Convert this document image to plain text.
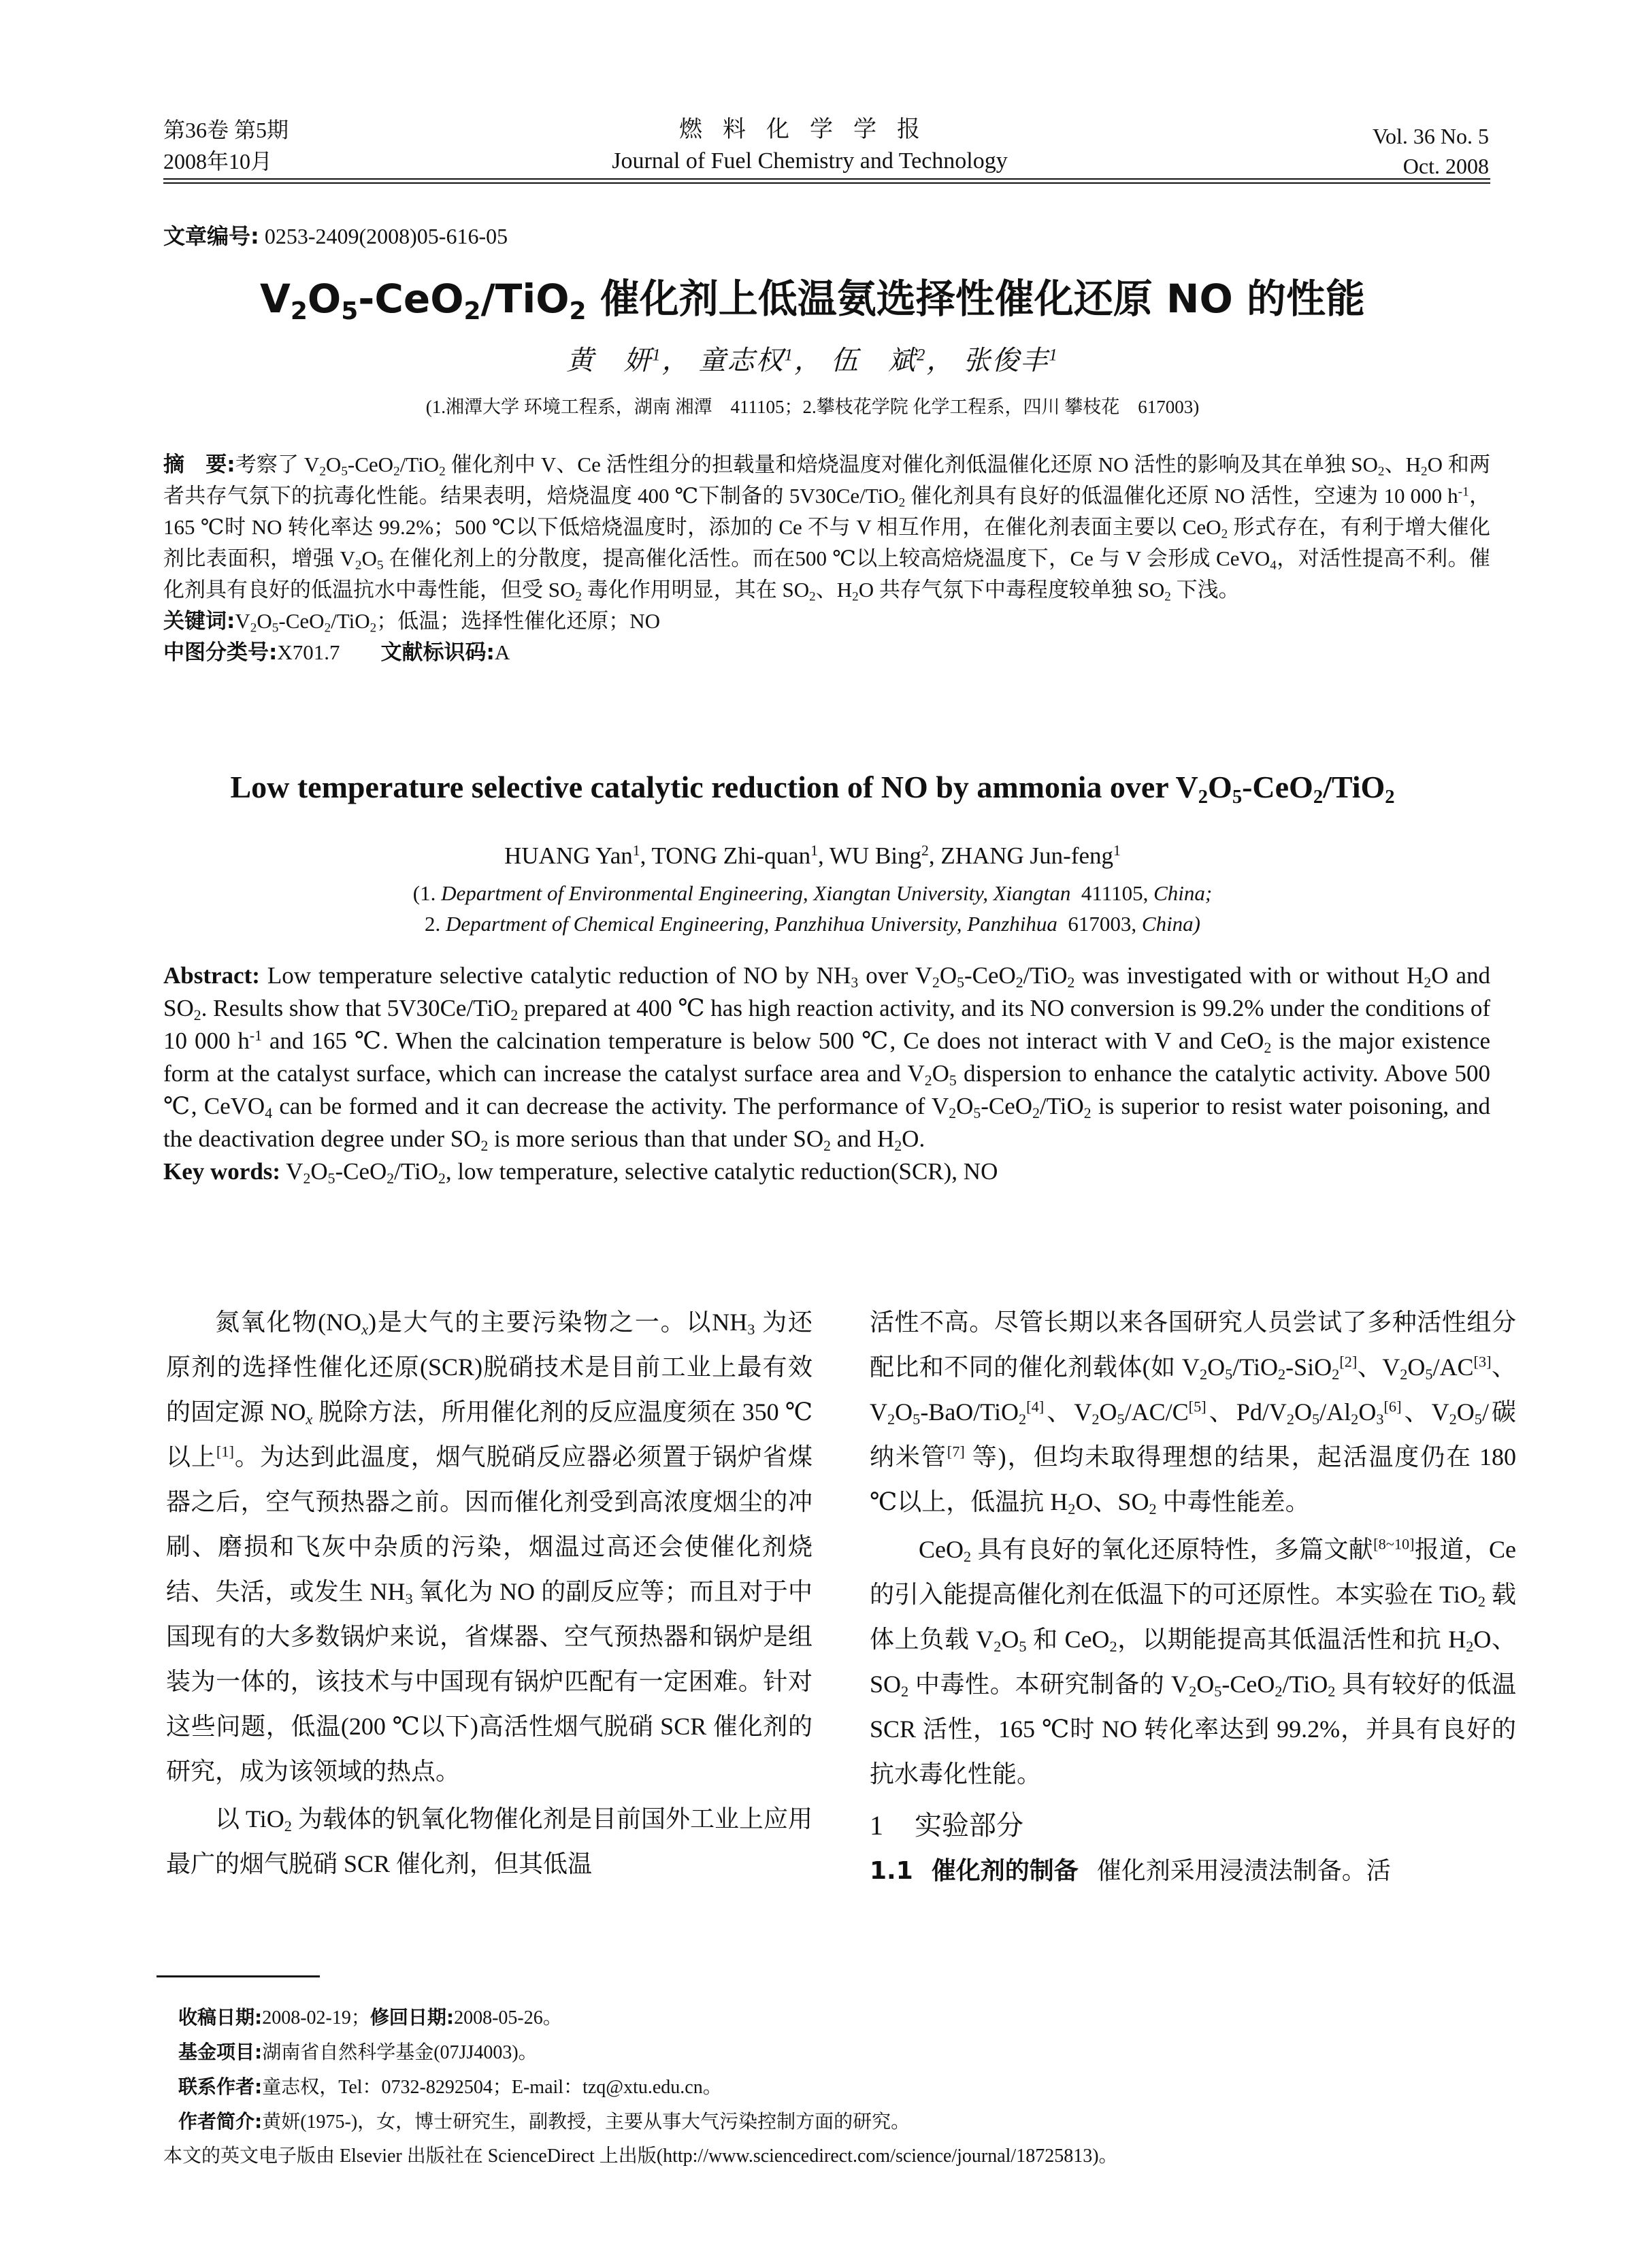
第36卷 第5期
2008年10月
燃料化学学报
Journal of Fuel Chemistry and Technology
Vol. 36 No. 5
Oct. 2008
文章编号: 0253-2409(2008)05-616-05
$V_2O_5-CeO_2/TiO_2$ 催化剂上低温氨选择性催化还原 NO 的性能
黄　妍$^1$， 童志权$^1$， 伍　斌$^2$， 张俊丰$^1$
(1.湘潭大学 环境工程系，湖南 湘潭　411105；2.攀枝花学院 化学工程系，四川 攀枝花　617003)

摘　要:考察了 $V_2O_5-CeO_2/TiO_2$ 催化剂中 V、Ce 活性组分的担载量和焙烧温度对催化剂低温催化还原 NO 活性的影响及其在单独 $SO_2$、$H_2O$ 和两者共存气氛下的抗毒化性能。结果表明，焙烧温度 400 ℃下制备的 5V30Ce/TiO$_2$ 催化剂具有良好的低温催化还原 NO 活性，空速为 10 000 $h^{-1}$，165 ℃时 NO 转化率达 99.2%；500 ℃以下低焙烧温度时，添加的 Ce 不与 V 相互作用，在催化剂表面主要以 CeO$_2$ 形式存在，有利于增大催化剂比表面积，增强 $V_2O_5$ 在催化剂上的分散度，提高催化活性。而在500 ℃以上较高焙烧温度下，Ce 与 V 会形成 CeVO$_4$，对活性提高不利。催化剂具有良好的低温抗水中毒性能，但受 $SO_2$ 毒化作用明显，其在 $SO_2$、$H_2O$ 共存气氛下中毒程度较单独 $SO_2$ 下浅。

关键词$:V_2O_5-CeO_2/TiO_2$；低温；选择性催化还原；NO

中图分类号:X701.7 文献标识码:A

Low temperature selective catalytic reduction of NO by ammonia over $V_2O_5-CeO_2/TiO_2$
HUANG Yan$^1$, TONG Zhi-quan$^1$, WU Bing$^2$, ZHANG Jun-feng$^1$
(1. Department of Environmental Engineering, Xiangtan University, Xiangtan 411105, China;
2. Department of Chemical Engineering, Panzhihua University, Panzhihua 617003, China)

Abstract: Low temperature selective catalytic reduction of NO by $NH_3$ over $V_2O_5-CeO_2/TiO_2$ was investigated with or without $H_2O$ and $SO_2$. Results show that 5V30Ce/TiO$_2$ prepared at 400 ℃ has high reaction activity, and its NO conversion is 99.2% under the conditions of 10 000 $h^{-1}$ and 165 ℃. When the calcination temperature is below 500 ℃, Ce does not interact with V and CeO$_2$ is the major existence form at the catalyst surface, which can increase the catalyst surface area and $V_2O_5$ dispersion to enhance the catalytic activity. Above 500 ℃, CeVO$_4$ can be formed and it can decrease the activity. The performance of $V_2O_5-CeO_2/TiO_2$ is superior to resist water poisoning, and the deactivation degree under $SO_2$ is more serious than that under $SO_2$ and $H_2O$.

Key words: $V_2O_5-CeO_2/TiO_2$, low temperature, selective catalytic reduction(SCR), NO

氮氧化物$(NO_x)$是大气的主要污染物之一。以$NH_3$ 为还原剂的选择性催化还原(SCR)脱硝技术是目前工业上最有效的固定源 $NO_x$ 脱除方法，所用催化剂的反应温度须在 350 ℃以上[1]。为达到此温度，烟气脱硝反应器必须置于锅炉省煤器之后，空气预热器之前。因而催化剂受到高浓度烟尘的冲刷、磨损和飞灰中杂质的污染，烟温过高还会使催化剂烧结、失活，或发生 $NH_3$ 氧化为 NO 的副反应等；而且对于中国现有的大多数锅炉来说，省煤器、空气预热器和锅炉是组装为一体的，该技术与中国现有锅炉匹配有一定困难。针对这些问题，低温(200 ℃以下)高活性烟气脱硝 SCR 催化剂的研究，成为该领域的热点。

以 TiO$_2$ 为载体的钒氧化物催化剂是目前国外工业上应用最广的烟气脱硝 SCR 催化剂，但其低温

活性不高。尽管长期以来各国研究人员尝试了多种活性组分配比和不同的催化剂载体(如 $V_2O_5/TiO_2-SiO_2[2]$、$V_2O_5/AC[3]$、$V_2O_5-BaO/TiO_2[4]$、$V_2O_5/AC/C[5]$、$Pd/V_2O_5/Al_2O_3[6]$、$V_2O_5/$碳纳米管[7] 等)，但均未取得理想的结果，起活温度仍在 180 ℃以上，低温抗 $H_2O$、$SO_2$ 中毒性能差。

CeO$_2$ 具有良好的氧化还原特性，多篇文献[8~10]报道，Ce 的引入能提高催化剂在低温下的可还原性。本实验在 TiO$_2$ 载体上负载 $V_2O_5$ 和 CeO$_2$，以期能提高其低温活性和抗 $H_2O$、$SO_2$ 中毒性。本研究制备的 $V_2O_5-CeO_2/TiO_2$ 具有较好的低温 SCR 活性，165 ℃时 NO 转化率达到 99.2%，并具有良好的抗水毒化性能。

1 实验部分

1.1 催化剂的制备 催化剂采用浸渍法制备。活

收稿日期:2008-02-19；修回日期:2008-05-26。
基金项目:湖南省自然科学基金(07JJ4003)。
联系作者:童志权，Tel：0732-8292504；E-mail：tzq@xtu.edu.cn。
作者简介:黄妍(1975-)，女，博士研究生，副教授，主要从事大气污染控制方面的研究。
本文的英文电子版由 Elsevier 出版社在 ScienceDirect 上出版(http://www.sciencedirect.com/science/journal/18725813)。
